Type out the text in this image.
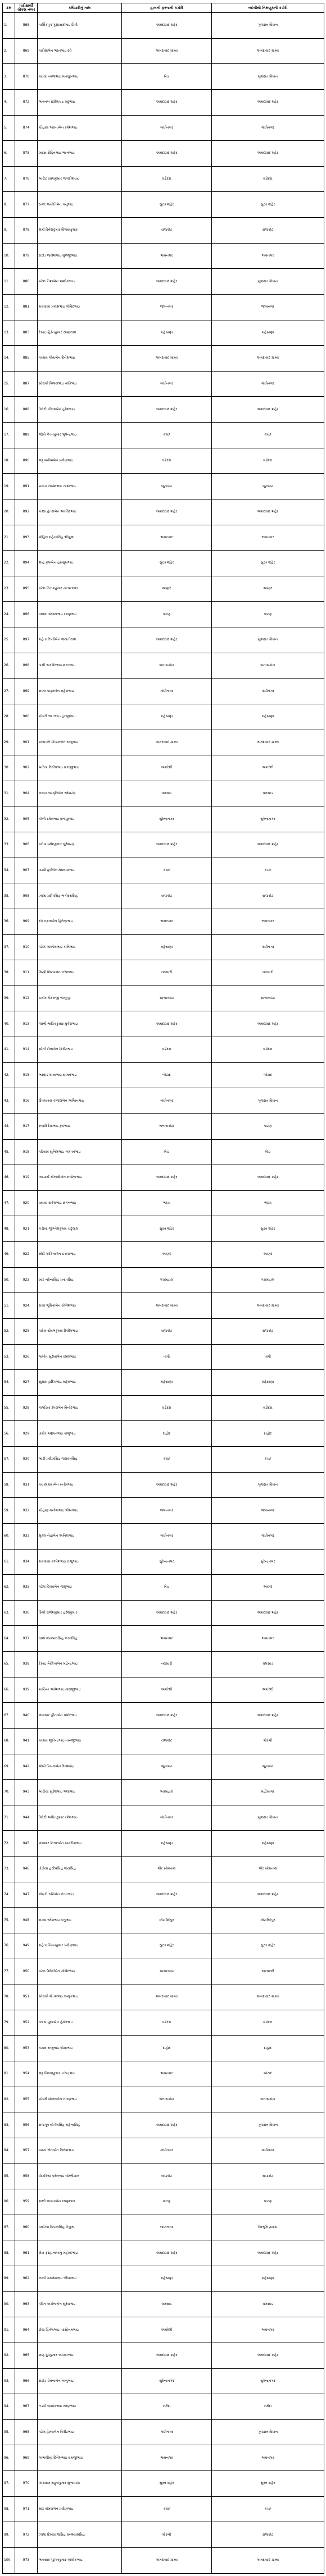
ક્રમ	પારીક્ષાર્થી ચોક્સ નંબર	કર્મચારીનું નામ	હાલની ફરજની કચેરી	બદલીથી નિમણૂકની કચેરી
1.	868	પાર્થિકપુત્ર ગુરૂપ્રસાદભાઇ પ્રિત્રી	અમદાવાદ શહેર	ગુજરાત વિધાન
2.	869	પારીક્ષાબેન ભરતભાઇ દવે	અમદાવાદ ગ્રામ્ય	અમદાવાદ ગ્રામ્ય
3.	870	પાંડવા પંકજભાઇ મનસુખભાઇ	ખેડા	ગુજરાત વિધાન
4.	872	ભાવનબ પ્રવીણચંદ્ર ચંદુભાઇ	અમદાવાદ શહેર	અમદાવાદ શહેર
5.	874	ચૌહાણ ભાવનાબેન રમેશભાઇ	ગાંધીનગર	ગાંધીનગર
6.	875	વ્યાસ રોહિતભાઇ ભરતભાઇ	અમદાવાદ શહેર	અમદાવાદ શહેર
7.	876	બારોટ ધવલકુમાર જગદીશચંદ્ર	વડોદરા	વડોદરા
8.	877	ઠાકર જ્યોતિબેન કનુભાઇ	સુરત શહેર	સુરત શહેર
9.	878	શર્મા રિતેશકુમાર વિજયકુમાર	રાજકોટ	રાજકોટ
10.	879	રાઠોડ જયેશભાઇ મુળજીભાઇ	ભાવનગર	ભાવનગર
11.	880	પટેલ નિશાબેન અશોકભાઇ	અમદાવાદ શહેર	ગુજરાત વિધાન
12.	881	મકવાણા પ્રકાશભાઇ ગોવિંદભાઇ	જામનગર	જામનગર
13.	883	દેસાઇ હિરેનકુમાર રમણલાલ	મહેસાણા	મહેસાણા
14.	885	પરમાર ગીતાબેન દિનેશભાઇ	અમદાવાદ ગ્રામ્ય	અમદાવાદ ગ્રામ્ય
15.	887	સોલંકી વિજયભાઇ કાંતિભાઇ	ગાંધીનગર	ગાંધીનગર
16.	888	ત્રિવેદી નીલમબેન હરેશભાઇ	અમદાવાદ શહેર	અમદાવાદ શહેર
17.	889	જોષી કેતનકુમાર ભુપેન્દ્રભાઇ	કચ્છ	કચ્છ
18.	890	ભટ્ટ મનીષાબેન પ્રવીણભાઇ	વડોદરા	વડોદરા
19.	891	ચાવડા રાજેશભાઇ નાથાભાઇ	જુનાગઢ	જુનાગઢ
20.	892	પંડ્યા હેતલબેન અરવિંદભાઇ	અમદાવાદ શહેર	અમદાવાદ શહેર
21.	893	ગોહિલ મહેન્દ્રસિંહ ભીખુભા	ભાવનગર	ભાવનગર
22.	894	શાહ કૃપાબેન હસમુખભાઇ	સુરત શહેર	સુરત શહેર
23.	895	પટેલ ચિરાગકુમાર નટવરલાલ	આણંદ	આણંદ
24.	896	વાઘેલા સંજયભાઇ રમણભાઇ	પાટણ	પાટણ
25.	897	મહેતા દિપ્તીબેન જયંતીલાલ	અમદાવાદ શહેર	ગુજરાત વિધાન
26.	898	ડાભી અરવિંદભાઇ શંકરભાઇ	બનાસકાંઠા	બનાસકાંઠા
27.	899	રાવલ પારૂલબેન મહેશભાઇ	ગાંધીનગર	ગાંધીનગર
28.	900	ચૌધરી ભરતભાઇ હરજીભાઇ	મહેસાણા	મહેસાણા
29.	901	પ્રજાપતિ કિંજલબેન રાજુભાઇ	અમદાવાદ ગ્રામ્ય	અમદાવાદ ગ્રામ્ય
30.	902	બારૈયા દિલીપભાઇ વાલજીભાઇ	અમરેલી	અમરેલી
31.	904	નાયક જાગૃતિબેન રમેશચંદ્ર	વલસાડ	વલસાડ
32.	905	કોળી રમેશભાઇ ધનજીભાઇ	સુરેન્દ્રનગર	સુરેન્દ્રનગર
33.	906	પરીખ ધર્મેશકુમાર સુરેશચંદ્ર	અમદાવાદ શહેર	અમદાવાદ શહેર
34.	907	ગઢવી હર્ષાબેન મેઘરાજભાઇ	કચ્છ	કચ્છ
35.	908	ઝાલા પ્રદીપસિંહ ભગીરથસિંહ	રાજકોટ	રાજકોટ
36.	909	દવે નમ્રતાબેન હિતેન્દ્રભાઇ	ભાવનગર	ભાવનગર
37.	910	પટેલ અલ્પેશભાઇ કાંતિભાઇ	મહેસાણા	ગાંધીનગર
38.	911	મિસ્ત્રી શિલ્પાબેન નરેશભાઇ	નવસારી	નવસારી
39.	912	ઠાકોર વિક્રમજી બાબુજી	સાબરકાંઠા	સાબરકાંઠા
40.	913	જાની ભાવિકકુમાર મુકેશભાઇ	અમદાવાદ શહેર	અમદાવાદ શહેર
41.	914	સોની રીનાબેન કિરીટભાઇ	વડોદરા	વડોદરા
42.	915	ભરવાડ લાખાભાઇ સામતભાઇ	બોટાદ	બોટાદ
43.	916	ઉપાધ્યાય કાજલબેન અશ્વિનભાઇ	ગાંધીનગર	ગુજરાત વિધાન
44.	917	રબારી દેવાભાઇ રૂપાભાઇ	બનાસકાંઠા	પાટણ
45.	918	પઢિયાર સુનિલભાઇ ગણપતભાઇ	ખેડા	ખેડા
46.	919	આચાર્ય મીનાક્ષીબેન રાજેન્દ્રભાઇ	અમદાવાદ શહેર	અમદાવાદ શહેર
47.	920	વસાવા રાકેશભાઇ છગનભાઇ	ભરૂચ	ભરૂચ
48.	921	કડીયા જીગ્નેશકુમાર ચંદુલાલ	સુરત શહેર	સુરત શહેર
49.	922	મોદી અંકિતાબેન પ્રકાશભાઇ	આણંદ	આણંદ
50.	923	ખાંટ નરેન્દ્રસિંહ પ્રતાપસિંહ	પંચમહાલ	પંચમહાલ
51.	924	રાણા ભૂમિકાબેન યોગેશભાઇ	અમદાવાદ ગ્રામ્ય	અમદાવાદ ગ્રામ્ય
52.	925	પારેખ સૌરભકુમાર દિલીપભાઇ	રાજકોટ	રાજકોટ
53.	926	ગામીત સુરેખાબેન રમણભાઇ	તાપી	તાપી
54.	927	સુથાર હાર્દિકભાઇ મહેશભાઇ	મહેસાણા	મહેસાણા
55.	928	કાપડિયા રૂપલબેન વિનોદભાઇ	વડોદરા	વડોદરા
56.	929	ડામોર ગણપતભાઇ કાળુભાઇ	દાહોદ	દાહોદ
57.	930	ભાટી પ્રવીણસિંહ જશવંતસિંહ	કચ્છ	કચ્છ
58.	931	પંચાલ ધારાબેન સતીષભાઇ	અમદાવાદ શહેર	ગુજરાત વિધાન
59.	932	ચૌહાણ મનોજભાઇ ભીખાભાઇ	જામનગર	જામનગર
60.	933	શુક્લ નેહાબેન અનિલભાઇ	ગાંધીનગર	ગાંધીનગર
61.	934	મકવાણા કલ્પેશભાઇ રાજુભાઇ	સુરેન્દ્રનગર	સુરેન્દ્રનગર
62.	935	પટેલ દિવ્યાબેન જશુભાઇ	ખેડા	આણંદ
63.	936	સિંધી રાજેશકુમાર હરેશકુમાર	અમદાવાદ શહેર	અમદાવાદ શહેર
64.	937	વાળા જયપાલસિંહ ભરતસિંહ	ભાવનગર	ભાવનગર
65.	938	દેસાઇ નિકિતાબેન મહેન્દ્રભાઇ	નવસારી	વલસાડ
66.	939	ચાંચિયા ભાવેશભાઇ વાલજીભાઇ	અમરેલી	અમરેલી
67.	940	ભાવસાર હીનાબેન પ્રમોદભાઇ	અમદાવાદ શહેર	અમદાવાદ શહેર
68.	941	પરમાર જીતેન્દ્રભાઇ નાનજીભાઇ	રાજકોટ	મોરબી
69.	942	જોષી પ્રિયંકાબેન દિનેશચંદ્ર	જુનાગઢ	જુનાગઢ
70.	943	બારીયા સુરેશભાઇ ભલાભાઇ	પંચમહાલ	મહીસાગર
71.	944	ત્રિવેદી અમિતકુમાર રમેશભાઇ	ગાંધીનગર	ગુજરાત વિધાન
72.	945	ગજ્જર મિત્તલબેન જગદીશભાઇ	મહેસાણા	મહેસાણા
73.	946	ડોડીયા હરદેવસિંહ જયસિંહ	ગીર સોમનાથ	ગીર સોમનાથ
74.	947	કોઠારી રુચિબેન કેતનભાઇ	અમદાવાદ શહેર	અમદાવાદ શહેર
75.	948	રાઠવા રમેશભાઇ કનુભાઇ	છોટાઉદેપુર	છોટાઉદેપુર
76.	949	મહેતા ચિંતનકુમાર પ્રવીણભાઇ	સુરત શહેર	સુરત શહેર
77.	950	પટેલ ઉર્વશીબેન ગોવિંદભાઇ	સાબરકાંઠા	અરવલ્લી
78.	951	સોલંકી ગૌતમભાઇ અમૃતભાઇ	અમદાવાદ ગ્રામ્ય	અમદાવાદ ગ્રામ્ય
79.	952	વ્યાસ પૂજાબેન હેમંતભાઇ	વડોદરા	વડોદરા
80.	953	કટારા રાજુભાઇ સોમાભાઇ	દાહોદ	દાહોદ
81.	954	ભટ્ટ વિશાલકુમાર નરેન્દ્રભાઇ	ભાવનગર	બોટાદ
82.	955	ચૌધરી સોનલબેન નારણભાઇ	બનાસકાંઠા	બનાસકાંઠા
83.	956	રાજપૂત યોગેશસિંહ મહેન્દ્રસિંહ	અમદાવાદ શહેર	ગુજરાત વિધાન
84.	957	પાઠક શ્વેતાબેન નિલેશભાઇ	ગાંધીનગર	ગાંધીનગર
85.	958	ધોળકિયા પરેશભાઇ જેન્તીલાલ	રાજકોટ	રાજકોટ
86.	959	માળી ભાવનાબેન રમણલાલ	પાટણ	પાટણ
87.	960	જાડેજા ક્રિપાલસિંહ દિલુભા	જામનગર	દેવભૂમિ દ્વારકા
88.	961	શેખ ફરહાનાબાનુ મહંમદભાઇ	અમદાવાદ શહેર	અમદાવાદ શહેર
89.	962	નાયી કમલેશભાઇ ભીખાભાઇ	મહેસાણા	મહેસાણા
90.	963	પંડિત અર્ચનાબેન સુરેશભાઇ	વલસાડ	વલસાડ
91.	964	ઢોલા હિતેશભાઇ પરસોત્તમભાઇ	અમરેલી	ભાવનગર
92.	965	શાહ ધ્રુવકુમાર અજયભાઇ	અમદાવાદ શહેર	અમદાવાદ શહેર
93.	966	રાઠોડ ચેતનાબેન બાબુભાઇ	સુરેન્દ્રનગર	સુરેન્દ્રનગર
94.	967	તડવી અશોકભાઇ રમણભાઇ	નર્મદા	નર્મદા
95.	968	પટેલ હેમલબેન કિરીટભાઇ	ગાંધીનગર	ગુજરાત વિધાન
96.	969	બાંભણીયા દિનેશભાઇ રામજીભાઇ	ભાવનગર	ભાવનગર
97.	970	અગ્રવાલ રાહુલકુમાર સુભાષચંદ્ર	સુરત શહેર	સુરત શહેર
98.	971	મારૂ કોમલબેન પ્રવીણભાઇ	કચ્છ	કચ્છ
99.	972	ઝાલા દિવ્યરાજસિંહ ઘનશ્યામસિંહ	મોરબી	રાજકોટ
100.	973	ભાવસાર જીગરકુમાર અશોકભાઇ	અમદાવાદ ગ્રામ્ય	અમદાવાદ ગ્રામ્ય
